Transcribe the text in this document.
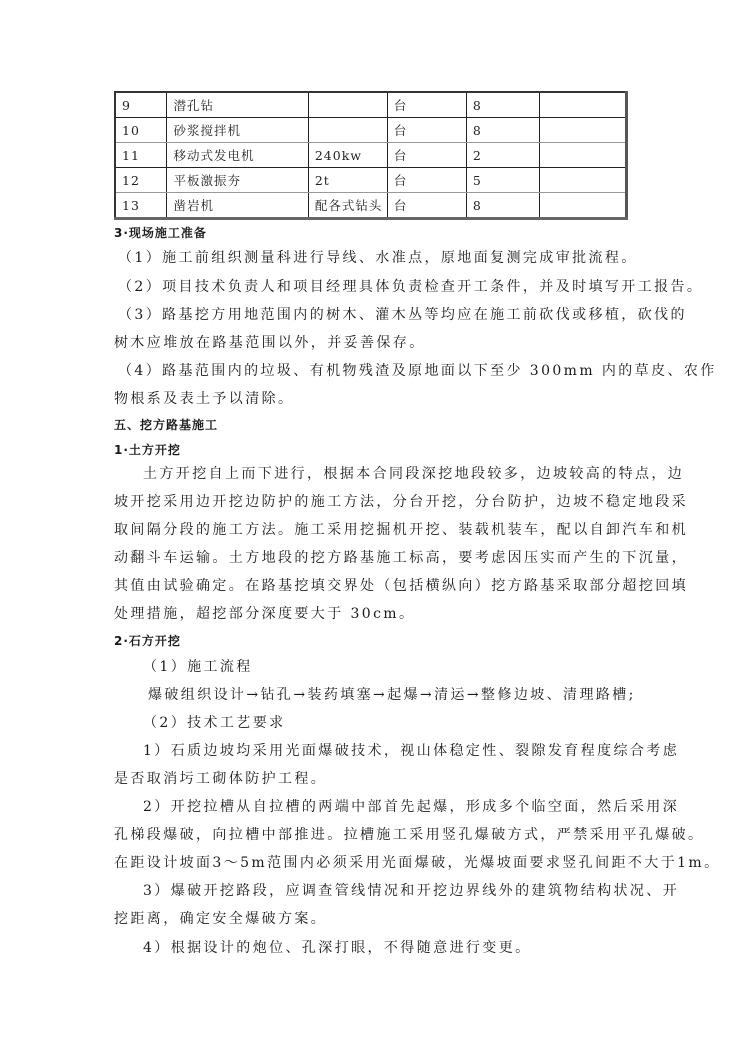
9	潜孔钻		台	8	
10	砂浆搅拌机		台	8	
11	移动式发电机	240kw	台	2	
12	平板激振夯	2t	台	5	
13	凿岩机	配各式钻头	台	8	
3·现场施工准备
（1）施工前组织测量科进行导线、水准点，原地面复测完成审批流程。
（2）项目技术负责人和项目经理具体负责检查开工条件，并及时填写开工报告。
（3）路基挖方用地范围内的树木、灌木丛等均应在施工前砍伐或移植，砍伐的
树木应堆放在路基范围以外，并妥善保存。
（4）路基范围内的垃圾、有机物残渣及原地面以下至少 300mm 内的草皮、农作
物根系及表土予以清除。
五、挖方路基施工
1·土方开挖
土方开挖自上而下进行，根据本合同段深挖地段较多，边坡较高的特点，边
坡开挖采用边开挖边防护的施工方法，分台开挖，分台防护，边坡不稳定地段采
取间隔分段的施工方法。施工采用挖掘机开挖、装载机装车，配以自卸汽车和机
动翻斗车运输。土方地段的挖方路基施工标高，要考虑因压实而产生的下沉量，
其值由试验确定。在路基挖填交界处（包括横纵向）挖方路基采取部分超挖回填
处理措施，超挖部分深度要大于 30cm。
2·石方开挖
（1）施工流程
爆破组织设计→钻孔→装药填塞→起爆→清运→整修边坡、清理路槽;
（2）技术工艺要求
1）石质边坡均采用光面爆破技术，视山体稳定性、裂隙发育程度综合考虑
是否取消圬工砌体防护工程。
2）开挖拉槽从自拉槽的两端中部首先起爆，形成多个临空面，然后采用深
孔梯段爆破，向拉槽中部推进。拉槽施工采用竖孔爆破方式，严禁采用平孔爆破。
在距设计坡面3～5m范围内必须采用光面爆破，光爆坡面要求竖孔间距不大于1m。
3）爆破开挖路段，应调查管线情况和开挖边界线外的建筑物结构状况、开
挖距离，确定安全爆破方案。
4）根据设计的炮位、孔深打眼，不得随意进行变更。
